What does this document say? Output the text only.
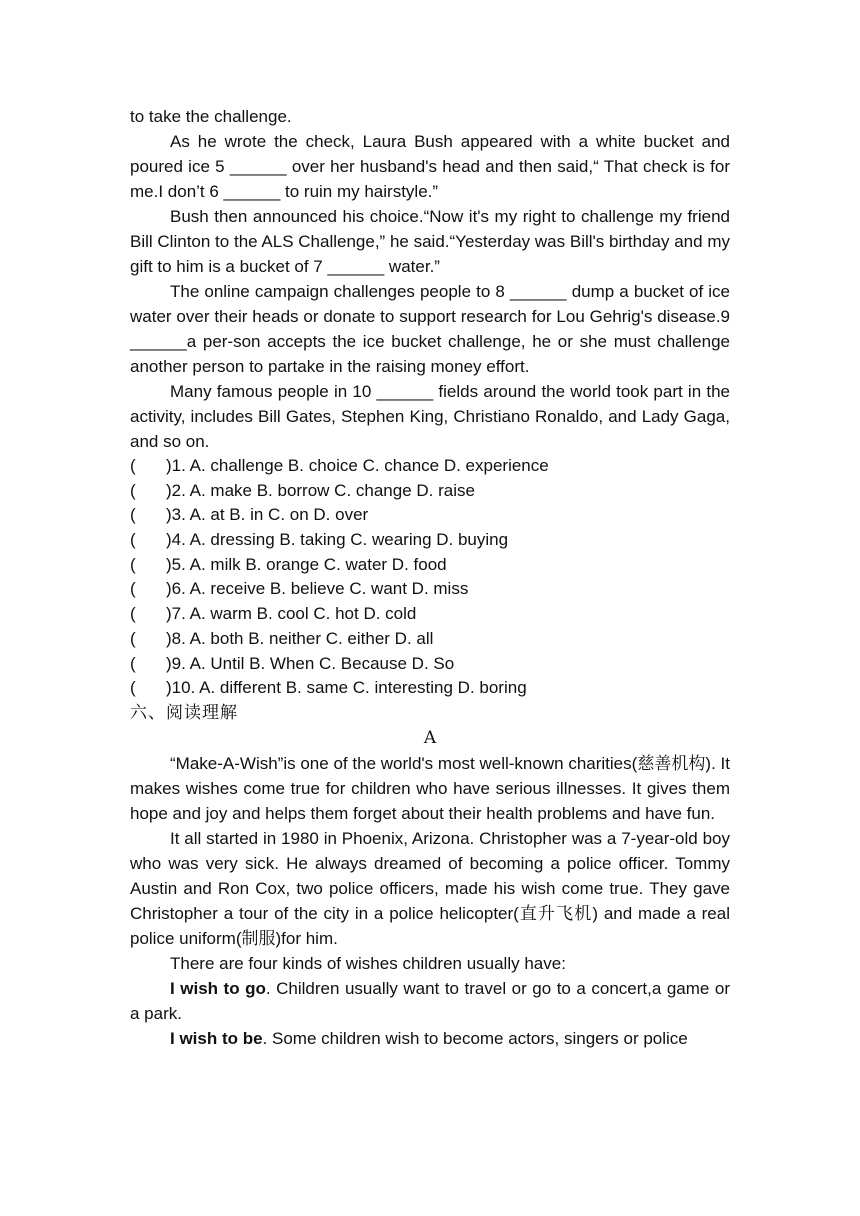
to take the challenge.

As he wrote the check, Laura Bush appeared with a white bucket and poured ice 5 ______ over her husband's head and then said,“ That check is for me.I don’t 6 ______ to ruin my hairstyle.”

Bush then announced his choice.“Now it's my right to challenge my friend Bill Clinton to the ALS Challenge,” he said.“Yesterday was Bill's birthday and my gift to him is a bucket of 7 ______ water.”

The online campaign challenges people to 8 ______ dump a bucket of ice water over their heads or donate to support research for Lou Gehrig's disease.9 ______a per-son accepts the ice bucket challenge, he or she must challenge another person to partake in the raising money effort.

Many famous people in 10 ______ fields around the world took part in the activity, includes Bill Gates, Stephen King, Christiano Ronaldo, and Lady Gaga, and so on.

( )1. A. challenge B. choice C. chance D. experience

( )2. A. make B. borrow C. change D. raise

( )3. A. at B. in C. on D. over

( )4. A. dressing B. taking C. wearing D. buying

( )5. A. milk B. orange C. water D. food

( )6. A. receive B. believe C. want D. miss

( )7. A. warm B. cool C. hot D. cold

( )8. A. both B. neither C. either D. all

( )9. A. Until B. When C. Because D. So

( )10. A. different B. same C. interesting D. boring

六、阅读理解

A

“Make-A-Wish”is one of the world's most well-known charities(慈善机构). It makes wishes come true for children who have serious illnesses. It gives them hope and joy and helps them forget about their health problems and have fun.

It all started in 1980 in Phoenix, Arizona. Christopher was a 7-year-old boy who was very sick. He always dreamed of becoming a police officer. Tommy Austin and Ron Cox, two police officers, made his wish come true. They gave Christopher a tour of the city in a police helicopter(直升飞机) and made a real police uniform(制服)for him.

There are four kinds of wishes children usually have:

I wish to go. Children usually want to travel or go to a concert,a game or a park.

I wish to be. Some children wish to become actors, singers or police
